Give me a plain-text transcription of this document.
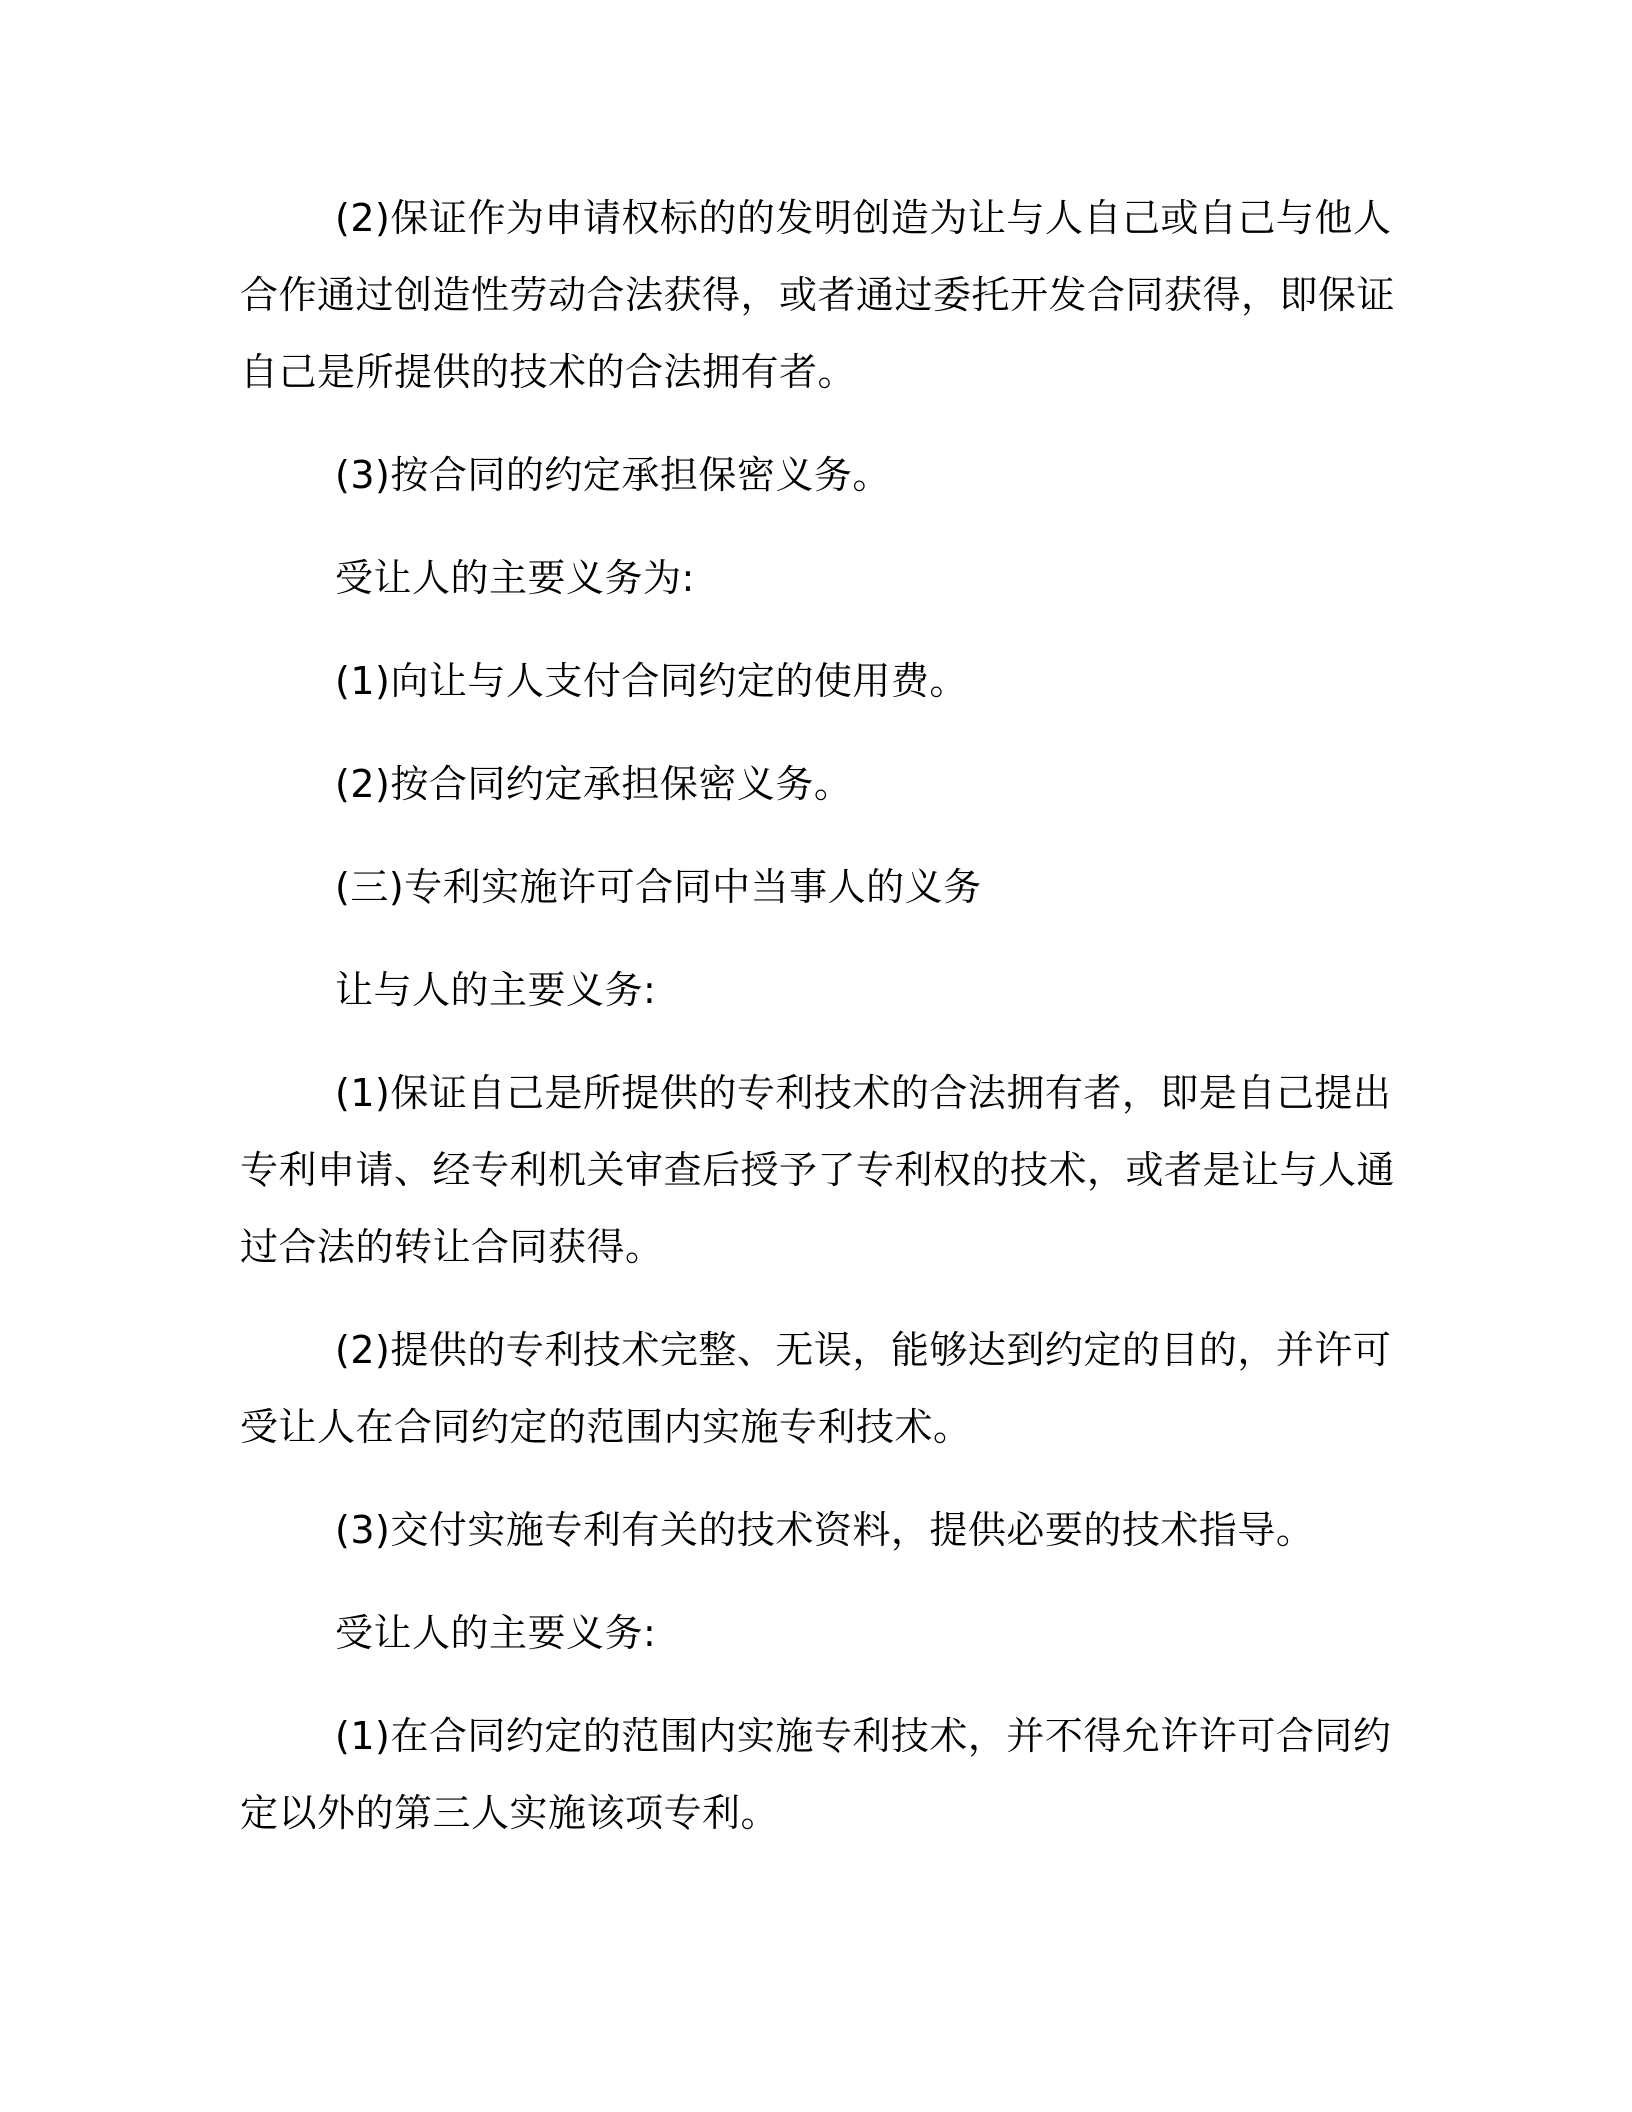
(2)保证作为申请权标的的发明创造为让与人自己或自己与他人合作通过创造性劳动合法获得，或者通过委托开发合同获得，即保证自己是所提供的技术的合法拥有者。

(3)按合同的约定承担保密义务。

受让人的主要义务为:

(1)向让与人支付合同约定的使用费。

(2)按合同约定承担保密义务。

(三)专利实施许可合同中当事人的义务

让与人的主要义务:

(1)保证自己是所提供的专利技术的合法拥有者，即是自己提出专利申请、经专利机关审查后授予了专利权的技术，或者是让与人通过合法的转让合同获得。

(2)提供的专利技术完整、无误，能够达到约定的目的，并许可受让人在合同约定的范围内实施专利技术。

(3)交付实施专利有关的技术资料，提供必要的技术指导。

受让人的主要义务:

(1)在合同约定的范围内实施专利技术，并不得允许许可合同约定以外的第三人实施该项专利。
